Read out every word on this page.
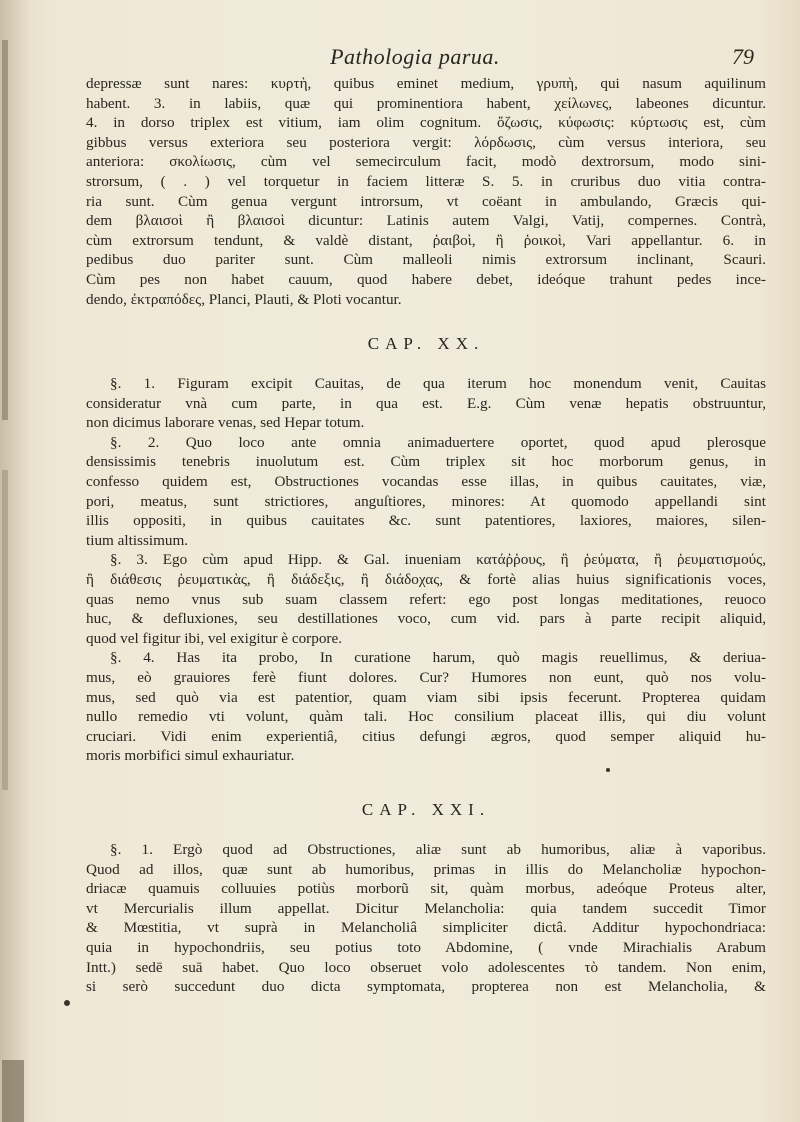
Pathologia parua.	79
depressæ sunt nares: κυρτὴ, quibus eminet medium, γρυπὴ, qui nasum aquilinum
habent. 3. in labiis, quæ qui prominentiora habent, χείλωνες, labeones dicuntur.
4. in dorso triplex est vitium, iam olim cognitum. ὅζωσις, κύφωσις: κύρτωσις est, cùm
gibbus versus exteriora seu posteriora vergit: λόρδωσις, cùm versus interiora, seu
anteriora: σκολίωσις, cùm vel semecirculum facit, modò dextrorsum, modo sini-
strorsum, ( . ) vel torquetur in faciem litteræ S. 5. in cruribus duo vitia contra-
ria sunt. Cùm genua vergunt introrsum, vt coëant in ambulando, Græcis qui-
dem βλαισοὶ ἢ βλαισοὶ dicuntur: Latinis autem Valgi, Vatij, compernes. Contrà,
cùm extrorsum tendunt, & valdè distant, ῥαιβοὶ, ἢ ῥοικοὶ, Vari appellantur. 6. in
pedibus duo pariter sunt. Cùm malleoli nimis extrorsum inclinant, Scauri.
Cùm pes non habet cauum, quod habere debet, ideóque trahunt pedes ince-
dendo, ἐκτραπόδες, Planci, Plauti, & Ploti vocantur.
CAP. XX.
§. 1. Figuram excipit Cauitas, de qua iterum hoc monendum venit, Cauitas
consideratur vnà cum parte, in qua est. E.g. Cùm venæ hepatis obstruuntur,
non dicimus laborare venas, sed Hepar totum.
§. 2. Quo loco ante omnia animaduertere oportet, quod apud plerosque
densissimis tenebris inuolutum est. Cùm triplex sit hoc morborum genus, in
confesso quidem est, Obstructiones vocandas esse illas, in quibus cauitates, viæ,
pori, meatus, sunt strictiores, anguſtiores, minores: At quomodo appellandi sint
illis oppositi, in quibus cauitates &c. sunt patentiores, laxiores, maiores, silen-
tium altissimum.
§. 3. Ego cùm apud Hipp. & Gal. inueniam κατάῤῥους, ἢ ῥεύματα, ἢ ῥευματισμούς,
ἢ διάθεσις ῥευματικὰς, ἢ διάδεξις, ἢ διάδοχας, & fortè alias huius significationis voces,
quas nemo vnus sub suam classem refert: ego post longas meditationes, reuoco
huc, & defluxiones, seu destillationes voco, cum vid. pars à parte recipit aliquid,
quod vel figitur ibi, vel exigitur è corpore.
§. 4. Has ita probo, In curatione harum, quò magis reuellimus, & deriua-
mus, eò grauiores ferè fiunt dolores. Cur? Humores non eunt, quò nos volu-
mus, sed quò via est patentior, quam viam sibi ipsis fecerunt. Propterea quidam
nullo remedio vti volunt, quàm tali. Hoc consilium placeat illis, qui diu volunt
cruciari. Vidi enim experientiâ, citius defungi ægros, quod semper aliquid hu-
moris morbifici simul exhauriatur.
CAP. XXI.
§. 1. Ergò quod ad Obstructiones, aliæ sunt ab humoribus, aliæ à vaporibus.
Quod ad illos, quæ sunt ab humoribus, primas in illis do Melancholiæ hypochon-
driacæ quamuis colluuies potiùs morborũ sit, quàm morbus, adeóque Proteus alter,
vt Mercurialis illum appellat. Dicitur Melancholia: quia tandem succedit Timor
& Mœstitia, vt suprà in Melancholiâ simpliciter dictâ. Additur hypochondriaca:
quia in hypochondriis, seu potius toto Abdomine, ( vnde Mirachialis Arabum
Intt.) sedē suā habet. Quo loco obseruet volo adolescentes τὸ tandem. Non enim,
si serò succedunt duo dicta symptomata, propterea non est Melancholia, &
